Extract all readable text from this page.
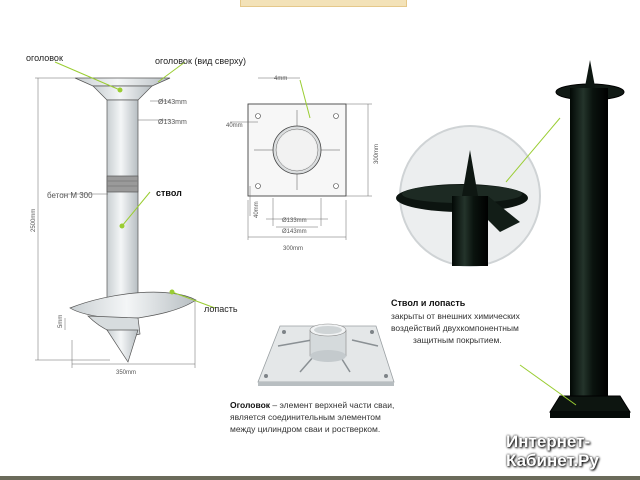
оголовок	оголовок (вид сверху)
ствол
бетон М 300
лопасть
Ø143mm
Ø133mm
2500mm
5mm
350mm
4mm
40mm
300mm
40mm
Ø133mm
Ø143mm
300mm
Ствол и лопасть
закрыты от внешних химических
воздействий двухкомпонентным
защитным покрытием.
Оголовок – элемент верхней части сваи,
является соединительным элементом
между цилиндром сваи и ростверком.
Интернет-
Кабинет.Ру
